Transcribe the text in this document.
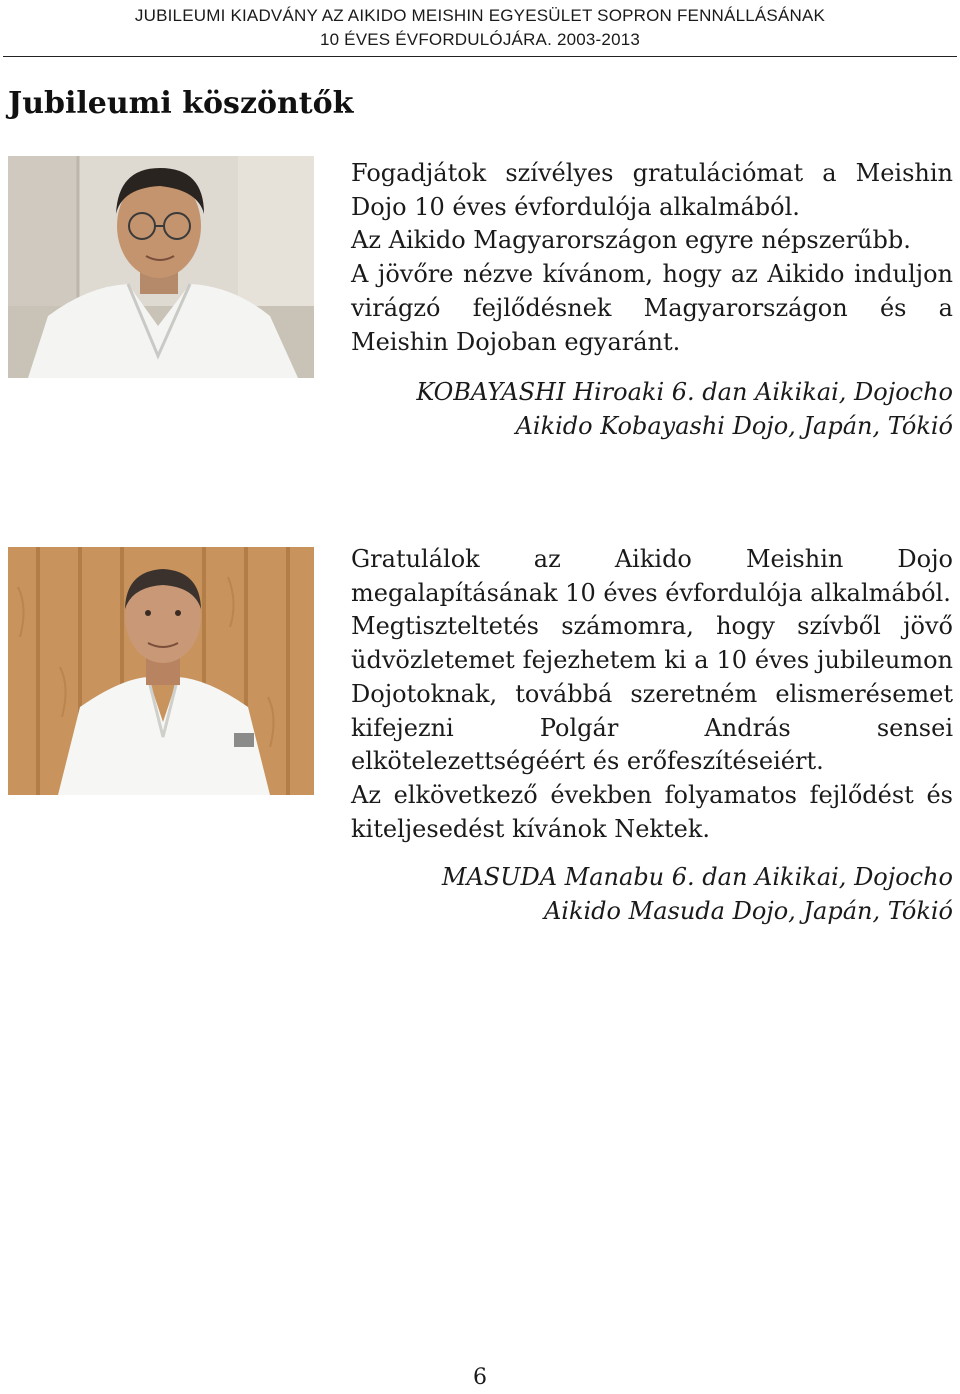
JUBILEUMI KIADVÁNY AZ AIKIDO MEISHIN EGYESÜLET SOPRON FENNÁLLÁSÁNAK
10 ÉVES ÉVFORDULÓJÁRA. 2003-2013
Jubileumi köszöntők

Fogadjátok szívélyes gratulációmat a Meishin Dojo 10 éves évfordulója alkalmából.

Az Aikido Magyarországon egyre népszerűbb.

A jövőre nézve kívánom, hogy az Aikido induljon virágzó fejlődésnek Magyarországon és a Meishin Dojoban egyaránt.

KOBAYASHI Hiroaki 6. dan Aikikai, Dojocho
Aikido Kobayashi Dojo, Japán, Tókió

Gratulálok az Aikido Meishin Dojo megalapításának 10 éves évfordulója alkalmából.

Megtiszteltetés számomra, hogy szívből jövő üdvözletemet fejezhetem ki a 10 éves jubileumon Dojotoknak, továbbá szeretném elismerésemet kifejezni Polgár András sensei elkötelezettségéért és erőfeszítéseiért.

Az elkövetkező években folyamatos fejlődést és kiteljesedést kívánok Nektek.

MASUDA Manabu 6. dan Aikikai, Dojocho
Aikido Masuda Dojo, Japán, Tókió
6
